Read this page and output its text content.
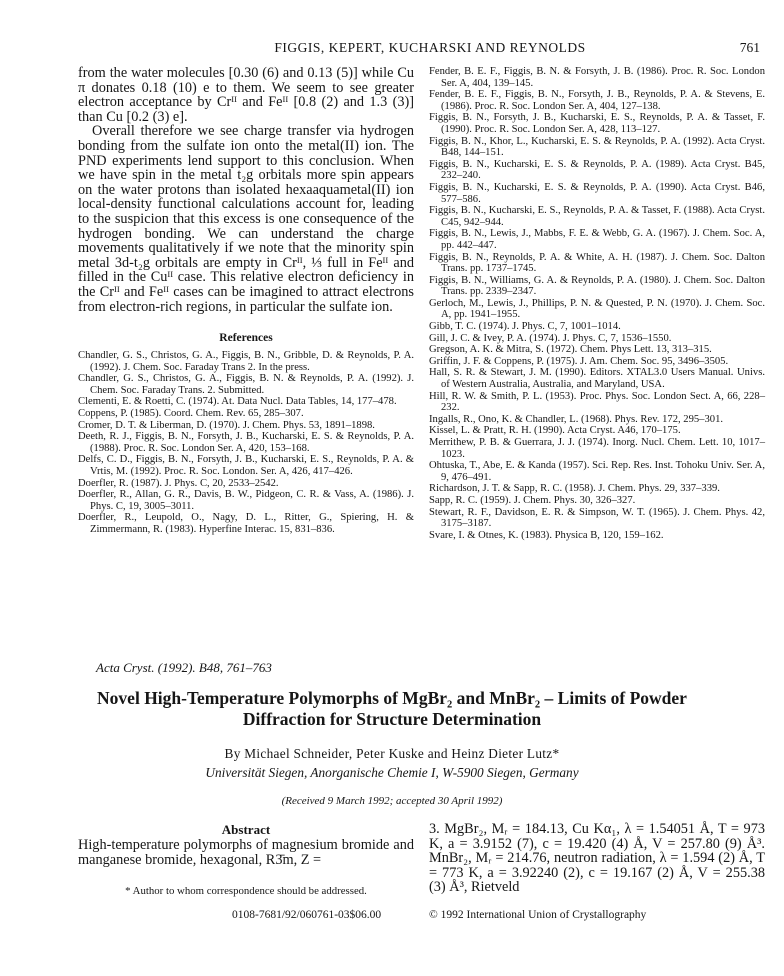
FIGGIS, KEPERT, KUCHARSKI AND REYNOLDS	761

from the water molecules [0.30 (6) and 0.13 (5)] while Cu π donates 0.18 (10) e to them. We seem to see greater electron acceptance by Crᴵᴵ and Feᴵᴵ [0.8 (2) and 1.3 (3)] than Cu [0.2 (3) e].

Overall therefore we see charge transfer via hydrogen bonding from the sulfate ion onto the metal(II) ion. The PND experiments lend support to this conclusion. When we have spin in the metal t₂g orbitals more spin appears on the water protons than isolated hexaaquametal(II) ion local-density functional calculations account for, leading to the suspicion that this excess is one consequence of the hydrogen bonding. We can understand the charge movements qualitatively if we note that the minority spin metal 3d-t₂g orbitals are empty in Crᴵᴵ, ⅓ full in Feᴵᴵ and filled in the Cuᴵᴵ case. This relative electron deficiency in the Crᴵᴵ and Feᴵᴵ cases can be imagined to attract electrons from electron-rich regions, in particular the sulfate ion.

References

Chandler, G. S., Christos, G. A., Figgis, B. N., Gribble, D. & Reynolds, P. A. (1992). J. Chem. Soc. Faraday Trans 2. In the press.

Chandler, G. S., Christos, G. A., Figgis, B. N. & Reynolds, P. A. (1992). J. Chem. Soc. Faraday Trans. 2. Submitted.

Clementi, E. & Roetti, C. (1974). At. Data Nucl. Data Tables, 14, 177–478.

Coppens, P. (1985). Coord. Chem. Rev. 65, 285–307.

Cromer, D. T. & Liberman, D. (1970). J. Chem. Phys. 53, 1891–1898.

Deeth, R. J., Figgis, B. N., Forsyth, J. B., Kucharski, E. S. & Reynolds, P. A. (1988). Proc. R. Soc. London Ser. A, 420, 153–168.

Delfs, C. D., Figgis, B. N., Forsyth, J. B., Kucharski, E. S., Reynolds, P. A. & Vrtis, M. (1992). Proc. R. Soc. London. Ser. A, 426, 417–426.

Doerfler, R. (1987). J. Phys. C, 20, 2533–2542.

Doerfler, R., Allan, G. R., Davis, B. W., Pidgeon, C. R. & Vass, A. (1986). J. Phys. C, 19, 3005–3011.

Doerfler, R., Leupold, O., Nagy, D. L., Ritter, G., Spiering, H. & Zimmermann, R. (1983). Hyperfine Interac. 15, 831–836.

Fender, B. E. F., Figgis, B. N. & Forsyth, J. B. (1986). Proc. R. Soc. London Ser. A, 404, 139–145.

Fender, B. E. F., Figgis, B. N., Forsyth, J. B., Reynolds, P. A. & Stevens, E. (1986). Proc. R. Soc. London Ser. A, 404, 127–138.

Figgis, B. N., Forsyth, J. B., Kucharski, E. S., Reynolds, P. A. & Tasset, F. (1990). Proc. R. Soc. London Ser. A, 428, 113–127.

Figgis, B. N., Khor, L., Kucharski, E. S. & Reynolds, P. A. (1992). Acta Cryst. B48, 144–151.

Figgis, B. N., Kucharski, E. S. & Reynolds, P. A. (1989). Acta Cryst. B45, 232–240.

Figgis, B. N., Kucharski, E. S. & Reynolds, P. A. (1990). Acta Cryst. B46, 577–586.

Figgis, B. N., Kucharski, E. S., Reynolds, P. A. & Tasset, F. (1988). Acta Cryst. C45, 942–944.

Figgis, B. N., Lewis, J., Mabbs, F. E. & Webb, G. A. (1967). J. Chem. Soc. A, pp. 442–447.

Figgis, B. N., Reynolds, P. A. & White, A. H. (1987). J. Chem. Soc. Dalton Trans. pp. 1737–1745.

Figgis, B. N., Williams, G. A. & Reynolds, P. A. (1980). J. Chem. Soc. Dalton Trans. pp. 2339–2347.

Gerloch, M., Lewis, J., Phillips, P. N. & Quested, P. N. (1970). J. Chem. Soc. A, pp. 1941–1955.

Gibb, T. C. (1974). J. Phys. C, 7, 1001–1014.

Gill, J. C. & Ivey, P. A. (1974). J. Phys. C, 7, 1536–1550.

Gregson, A. K. & Mitra, S. (1972). Chem. Phys Lett. 13, 313–315.

Griffin, J. F. & Coppens, P. (1975). J. Am. Chem. Soc. 95, 3496–3505.

Hall, S. R. & Stewart, J. M. (1990). Editors. XTAL3.0 Users Manual. Univs. of Western Australia, Australia, and Maryland, USA.

Hill, R. W. & Smith, P. L. (1953). Proc. Phys. Soc. London Sect. A, 66, 228–232.

Ingalls, R., Ono, K. & Chandler, L. (1968). Phys. Rev. 172, 295–301.

Kissel, L. & Pratt, R. H. (1990). Acta Cryst. A46, 170–175.

Merrithew, P. B. & Guerrara, J. J. (1974). Inorg. Nucl. Chem. Lett. 10, 1017–1023.

Ohtuska, T., Abe, E. & Kanda (1957). Sci. Rep. Res. Inst. Tohoku Univ. Ser. A, 9, 476–491.

Richardson, J. T. & Sapp, R. C. (1958). J. Chem. Phys. 29, 337–339.

Sapp, R. C. (1959). J. Chem. Phys. 30, 326–327.

Stewart, R. F., Davidson, E. R. & Simpson, W. T. (1965). J. Chem. Phys. 42, 3175–3187.

Svare, I. & Otnes, K. (1983). Physica B, 120, 159–162.

Acta Cryst. (1992). B48, 761–763
Novel High-Temperature Polymorphs of MgBr₂ and MnBr₂ – Limits of Powder Diffraction for Structure Determination
By Michael Schneider, Peter Kuske and Heinz Dieter Lutz*
Universität Siegen, Anorganische Chemie I, W-5900 Siegen, Germany
(Received 9 March 1992; accepted 30 April 1992)
Abstract

High-temperature polymorphs of magnesium bromide and manganese bromide, hexagonal, R3̄m, Z =

3. MgBr₂, Mᵣ = 184.13, Cu Kα₁, λ = 1.54051 Å, T = 973 K, a = 3.9152 (7), c = 19.420 (4) Å, V = 257.80 (9) Å³. MnBr₂, Mᵣ = 214.76, neutron radiation, λ = 1.594 (2) Å, T = 773 K, a = 3.92240 (2), c = 19.167 (2) Å, V = 255.38 (3) Å³, Rietveld

* Author to whom correspondence should be addressed.
0108-7681/92/060761-03$06.00	© 1992 International Union of Crystallography
